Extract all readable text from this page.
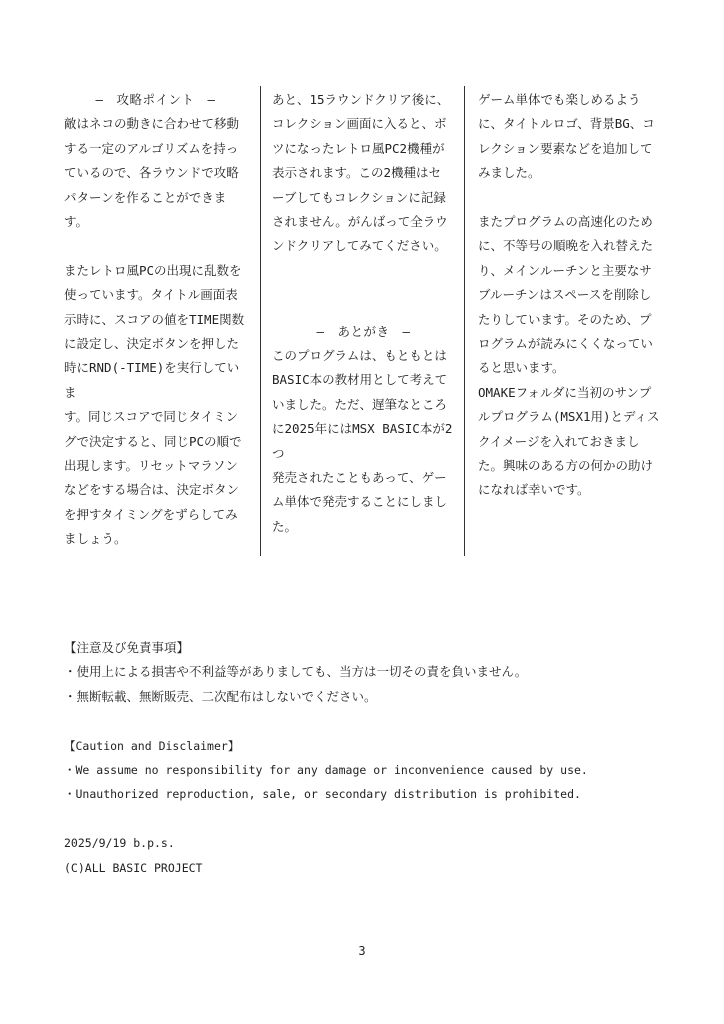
—　攻略ポイント　—

敵はネコの動きに合わせて移動
する一定のアルゴリズムを持っ
ているので、各ラウンドで攻略
パターンを作ることができま
す。

またレトロ風PCの出現に乱数を
使っています。タイトル画面表
示時に、スコアの値をTIME関数
に設定し、決定ボタンを押した
時にRND(-TIME)を実行していま
す。同じスコアで同じタイミン
グで決定すると、同じPCの順で
出現します。リセットマラソン
などをする場合は、決定ボタン
を押すタイミングをずらしてみ
ましょう。

あと、15ラウンドクリア後に、
コレクション画面に入ると、ボ
ツになったレトロ風PC2機種が
表示されます。この2機種はセ
ーブしてもコレクションに記録
されません。がんばって全ラウ
ンドクリアしてみてください。

—　あとがき　—

このプログラムは、もともとは
BASIC本の教材用として考えて
いました。ただ、遅筆なところ
に2025年にはMSX BASIC本が2つ
発売されたこともあって、ゲー
ム単体で発売することにしまし
た。

ゲーム単体でも楽しめるよう
に、タイトルロゴ、背景BG、コ
レクション要素などを追加して
みました。

またプログラムの高速化のため
に、不等号の順晩を入れ替えた
り、メインルーチンと主要なサ
ブルーチンはスペースを削除し
たりしています。そのため、プ
ログラムが読みにくくなってい
ると思います。

OMAKEフォルダに当初のサンプ
ルプログラム(MSX1用)とディス
クイメージを入れておきまし
た。興味のある方の何かの助け
になれば幸いです。

【注意及び免責事項】

・使用上による損害や不利益等がありましても、当方は一切その責を負いません。

・無断転載、無断販売、二次配布はしないでください。

【Caution and Disclaimer】

・We assume no responsibility for any damage or inconvenience caused by use.

・Unauthorized reproduction, sale, or secondary distribution is prohibited.

2025/9/19 b.p.s.

(C)ALL BASIC PROJECT

3
